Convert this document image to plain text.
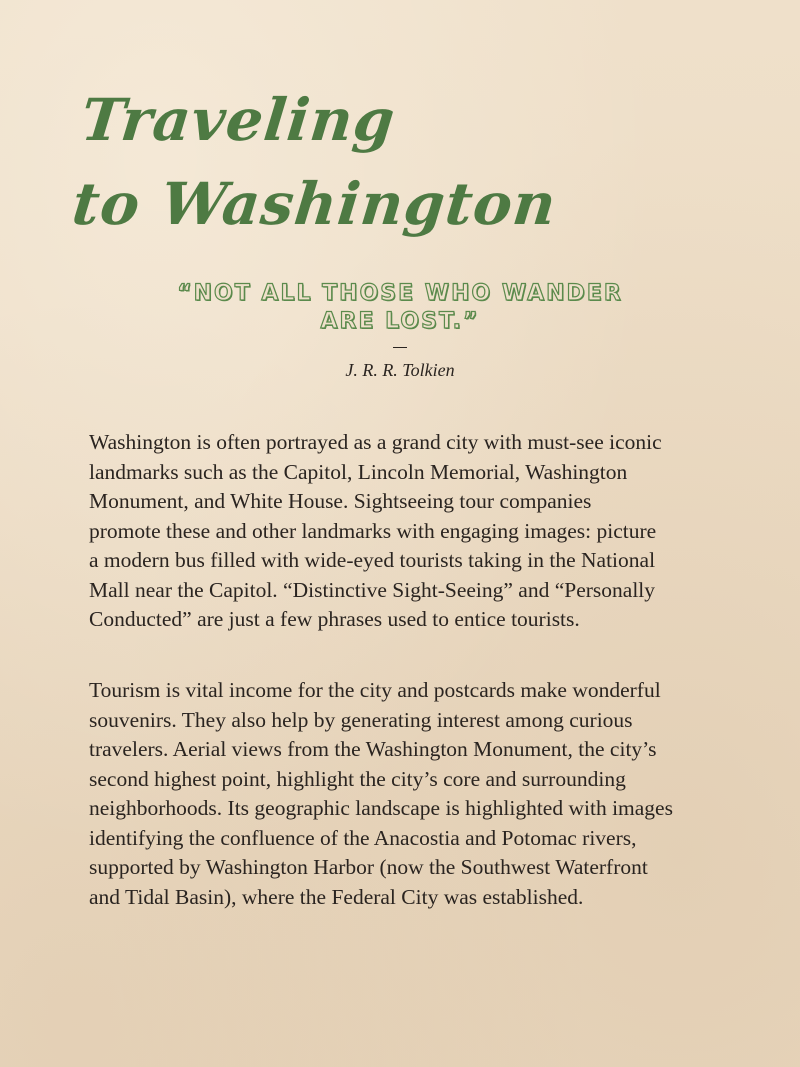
Traveling
to Washington

“NOT ALL THOSE WHO WANDER
ARE LOST.”

J. R. R. Tolkien

Washington is often portrayed as a grand city with must-see iconic
landmarks such as the Capitol, Lincoln Memorial, Washington
Monument, and White House. Sightseeing tour companies
promote these and other landmarks with engaging images: picture
a modern bus filled with wide-eyed tourists taking in the National
Mall near the Capitol. “Distinctive Sight-Seeing” and “Personally
Conducted” are just a few phrases used to entice tourists.

Tourism is vital income for the city and postcards make wonderful
souvenirs. They also help by generating interest among curious
travelers. Aerial views from the Washington Monument, the city’s
second highest point, highlight the city’s core and surrounding
neighborhoods. Its geographic landscape is highlighted with images
identifying the confluence of the Anacostia and Potomac rivers,
supported by Washington Harbor (now the Southwest Waterfront
and Tidal Basin), where the Federal City was established.
